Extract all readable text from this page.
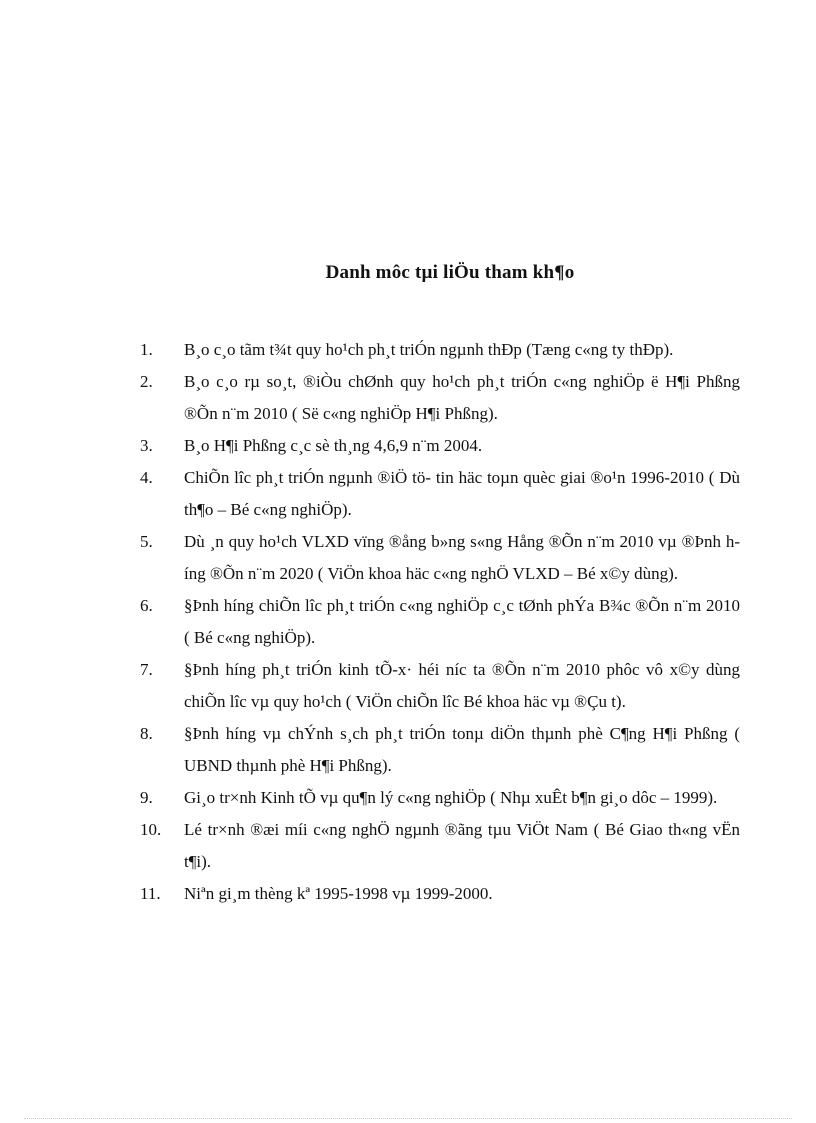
Danh môc tµi liÖu tham kh¶o
1. B¸o c¸o tãm t¾t quy ho¹ch ph¸t triÓn ngµnh thÐp (Tæng c«ng ty thÐp).
2. B¸o c¸o rµ so¸t, ®iÒu chØnh quy ho¹ch ph¸t triÓn c«ng nghiÖp ë H¶i Phßng ®Õn n¨m 2010 ( Së c«ng nghiÖp H¶i Phßng).
3. B¸o H¶i Phßng c¸c sè th¸ng 4,6,9 n¨m 2004.
4. ChiÕn lîc ph¸t triÓn ngµnh ®iÖ tö- tin häc toµn quèc giai ®o¹n 1996-2010 ( Dù th¶o – Bé c«ng nghiÖp).
5. Dù ¸n quy ho¹ch VLXD vïng ®ång b»ng s«ng Hång ®Õn n¨m 2010 vµ ®Þnh híng ®Õn n¨m 2020 ( ViÖn khoa häc c«ng nghÖ VLXD – Bé x©y dùng).
6. §Þnh híng chiÕn lîc ph¸t triÓn c«ng nghiÖp c¸c tØnh phÝa B¾c ®Õn n¨m 2010 ( Bé c«ng nghiÖp).
7. §Þnh híng ph¸t triÓn kinh tÕ-x· héi níc ta ®Õn n¨m 2010 phôc vô x©y dùng chiÕn lîc vµ quy ho¹ch ( ViÖn chiÕn lîc Bé khoa häc vµ ®Çu t).
8. §Þnh híng vµ chÝnh s¸ch ph¸t triÓn tonµ diÖn thµnh phè C¶ng H¶i Phßng ( UBND thµnh phè H¶i Phßng).
9. Gi¸o tr×nh Kinh tÕ vµ qu¶n lý c«ng nghiÖp ( Nhµ xuÊt b¶n gi¸o dôc – 1999).
10. Lé tr×nh ®æi míi c«ng nghÖ ngµnh ®ãng tµu ViÖt Nam ( Bé Giao th«ng vËn t¶i).
11. Niªn gi¸m thèng kª 1995-1998 vµ 1999-2000.
